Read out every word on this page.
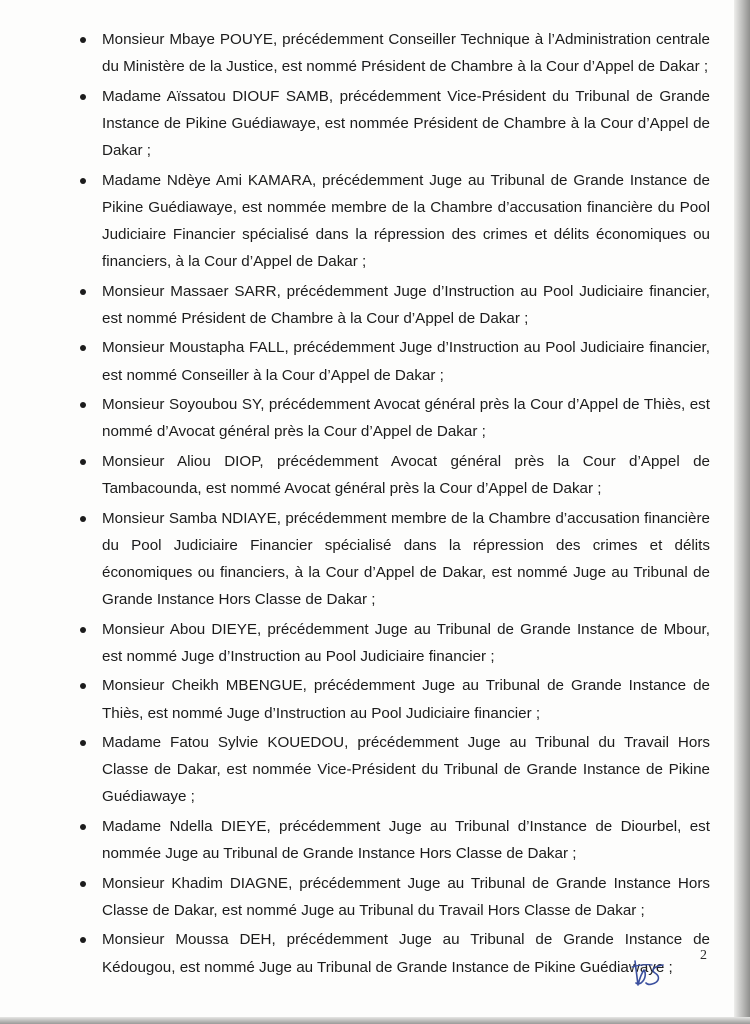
Monsieur Mbaye POUYE, précédemment Conseiller Technique à l’Administration centrale du Ministère de la Justice, est nommé Président de Chambre à la Cour d’Appel de Dakar ;
Madame Aïssatou DIOUF SAMB, précédemment Vice-Président du Tribunal de Grande Instance de Pikine Guédiawaye, est nommée Président de Chambre à la Cour d’Appel de Dakar ;
Madame Ndèye Ami KAMARA, précédemment Juge au Tribunal de Grande Instance de Pikine Guédiawaye, est nommée membre de la Chambre d’accusation financière du Pool Judiciaire Financier spécialisé dans la répression des crimes et délits économiques ou financiers, à la Cour d’Appel de Dakar ;
Monsieur Massaer SARR, précédemment Juge d’Instruction au Pool Judiciaire financier, est nommé Président de Chambre à la Cour d’Appel de Dakar ;
Monsieur Moustapha FALL, précédemment Juge d’Instruction au Pool Judiciaire financier, est nommé Conseiller à la Cour d’Appel de Dakar ;
Monsieur Soyoubou SY, précédemment Avocat général près la Cour d’Appel de Thiès, est nommé d’Avocat général près la Cour d’Appel de Dakar ;
Monsieur Aliou DIOP, précédemment Avocat général près la Cour d’Appel de Tambacounda, est nommé Avocat général près la Cour d’Appel de Dakar ;
Monsieur Samba NDIAYE, précédemment membre de la Chambre d’accusation financière du Pool Judiciaire Financier spécialisé dans la répression des crimes et délits économiques ou financiers, à la Cour d’Appel de Dakar, est nommé Juge au Tribunal de Grande Instance Hors Classe de Dakar ;
Monsieur Abou DIEYE, précédemment Juge au Tribunal de Grande Instance de Mbour, est nommé Juge d’Instruction au Pool Judiciaire financier ;
Monsieur Cheikh MBENGUE, précédemment Juge au Tribunal de Grande Instance de Thiès, est nommé Juge d’Instruction au Pool Judiciaire financier ;
Madame Fatou Sylvie KOUEDOU, précédemment Juge au Tribunal du Travail Hors Classe de Dakar, est nommée Vice-Président du Tribunal de Grande Instance de Pikine Guédiawaye ;
Madame Ndella DIEYE, précédemment Juge au Tribunal d’Instance de Diourbel, est nommée Juge au Tribunal de Grande Instance Hors Classe de Dakar ;
Monsieur Khadim DIAGNE, précédemment Juge au Tribunal de Grande Instance Hors Classe de Dakar, est nommé Juge au Tribunal du Travail Hors Classe de Dakar ;
Monsieur Moussa DEH, précédemment Juge au Tribunal de Grande Instance de Kédougou, est nommé Juge au Tribunal de Grande Instance de Pikine Guédiawaye ;
2
